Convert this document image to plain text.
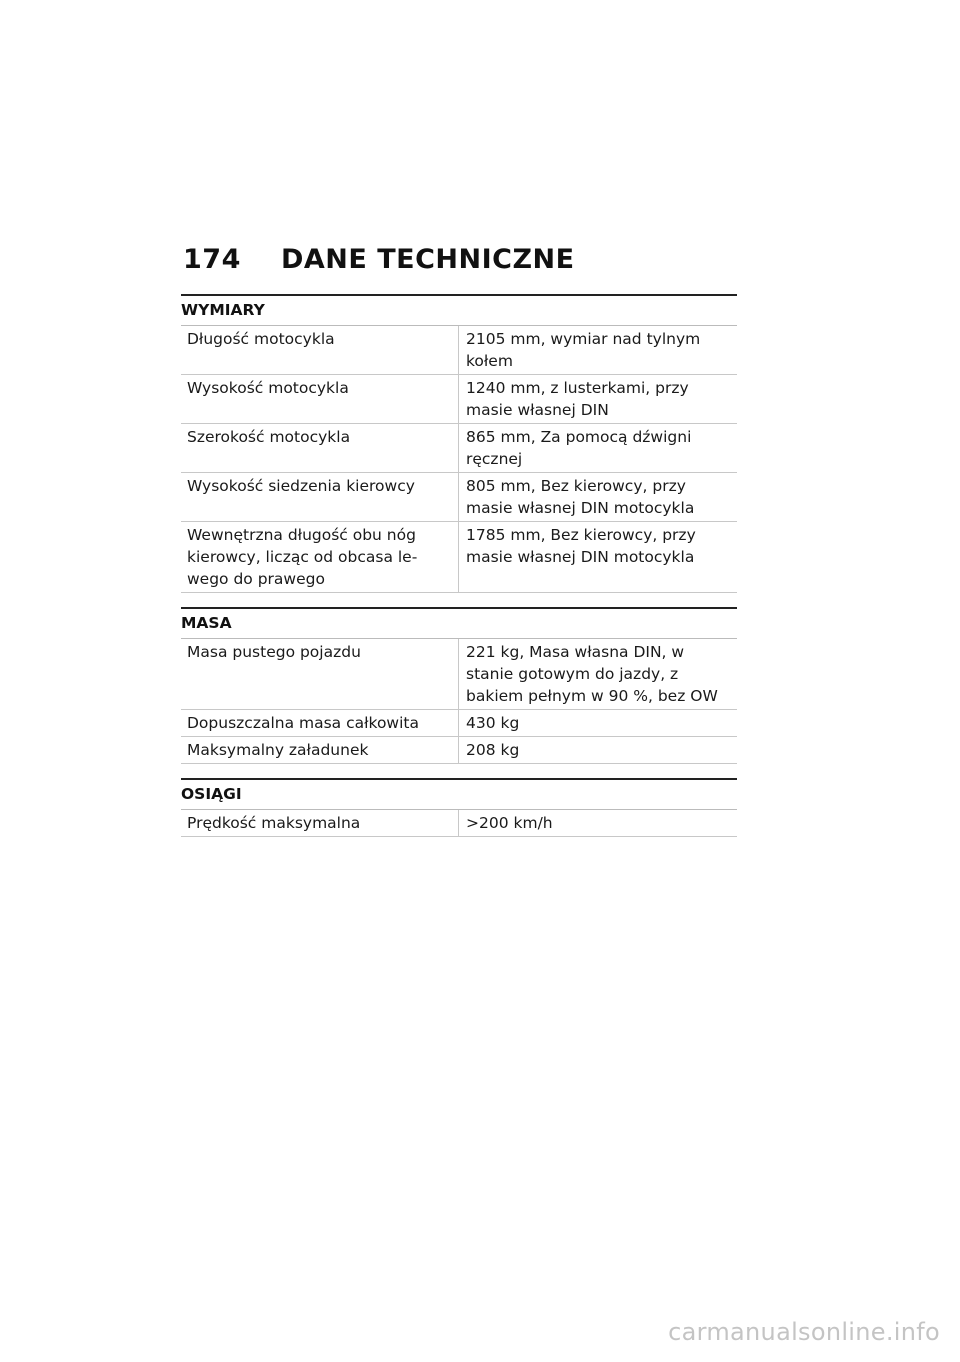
174 DANE TECHNICZNE
WYMIARY
Długość motocykla	2105 mm, wymiar nad tylnym kołem
Wysokość motocykla	1240 mm, z lusterkami, przy masie własnej DIN
Szerokość motocykla	865 mm, Za pomocą dźwigni ręcznej
Wysokość siedzenia kierowcy	805 mm, Bez kierowcy, przy masie własnej DIN motocykla
Wewnętrzna długość obu nóg kierowcy, licząc od obcasa le-wego do prawego	1785 mm, Bez kierowcy, przy masie własnej DIN motocykla
MASA
Masa pustego pojazdu	221 kg, Masa własna DIN, w stanie gotowym do jazdy, z bakiem pełnym w 90 %, bez OW
Dopuszczalna masa całkowita	430 kg
Maksymalny załadunek	208 kg
OSIĄGI
Prędkość maksymalna	>200 km/h
carmanualsonline.info
